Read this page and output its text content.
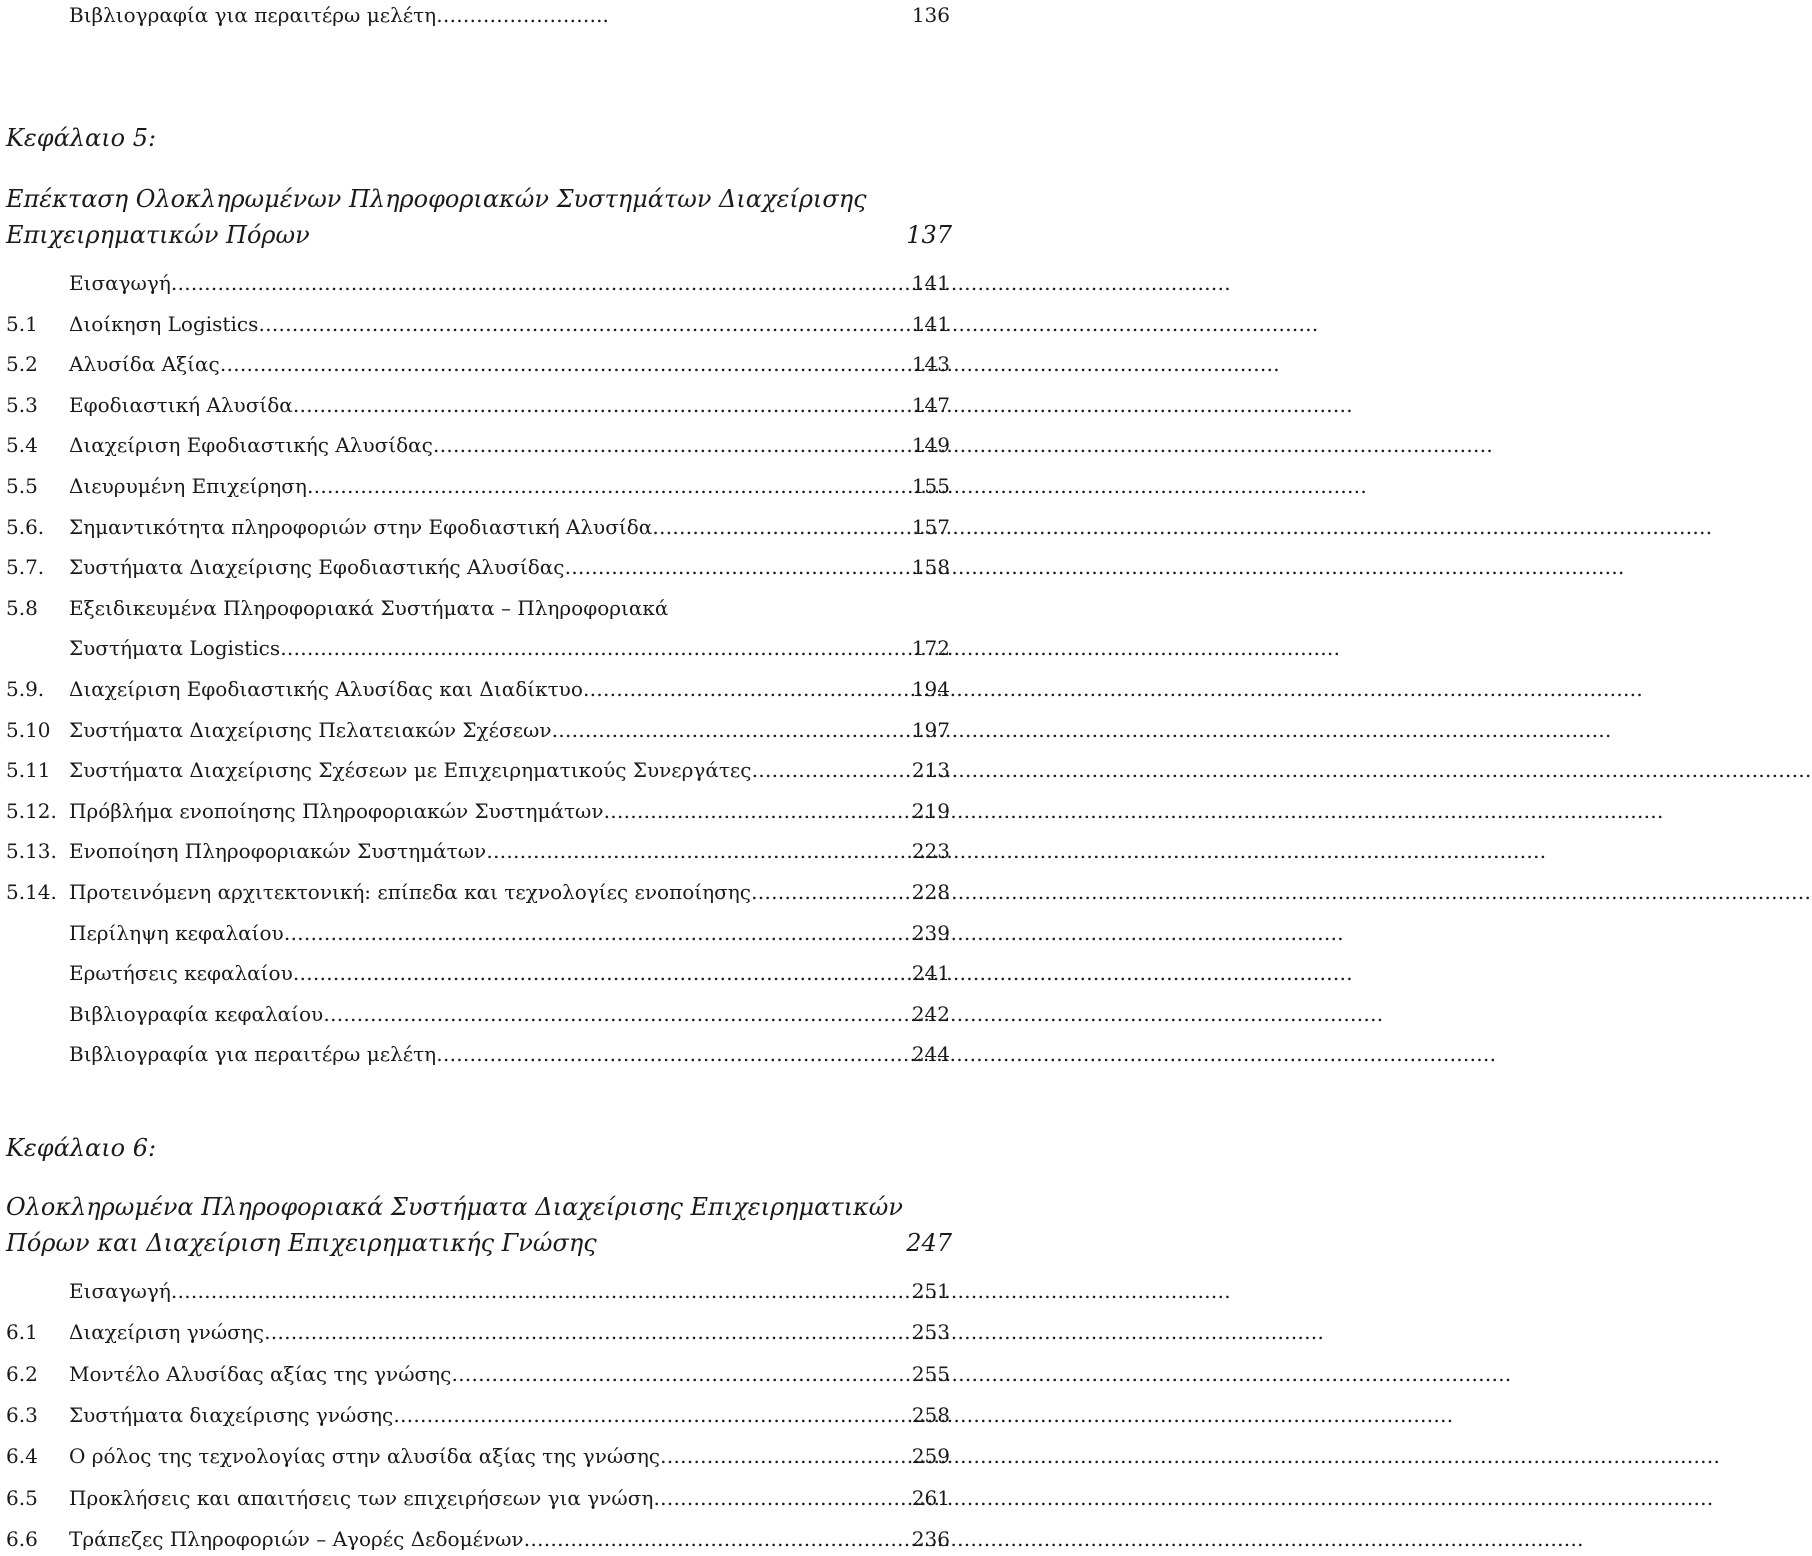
Βιβλιογραφία για περαιτέρω μελέτη……………………..	136
Κεφάλαιο 5:
Επέκταση Ολοκληρωμένων Πληροφοριακών Συστημάτων Διαχείρισης
Επιχειρηματικών Πόρων	137
Εισαγωγή ……………………………………………………………………………………………………………………………………………	141
5.1 Διοίκηση Logistics ……………………………………………………………………………………………………………………………………………	141
5.2 Αλυσίδα Αξίας ……………………………………………………………………………………………………………………………………………	143
5.3 Εφοδιαστική Αλυσίδα ……………………………………………………………………………………………………………………………………………	147
5.4 Διαχείριση Εφοδιαστικής Αλυσίδας ……………………………………………………………………………………………………………………………………………	149
5.5 Διευρυμένη Επιχείρηση ……………………………………………………………………………………………………………………………………………	155
5.6. Σημαντικότητα πληροφοριών στην Εφοδιαστική Αλυσίδα ……………………………………………………………………………………………………………………………………………	157
5.7. Συστήματα Διαχείρισης Εφοδιαστικής Αλυσίδας ……………………………………………………………………………………………………………………………………………	158
5.8 Εξειδικευμένα Πληροφοριακά Συστήματα – Πληροφοριακά
Συστήματα Logistics ……………………………………………………………………………………………………………………………………………	172
5.9. Διαχείριση Εφοδιαστικής Αλυσίδας και Διαδίκτυο ……………………………………………………………………………………………………………………………………………	194
5.10 Συστήματα Διαχείρισης Πελατειακών Σχέσεων ……………………………………………………………………………………………………………………………………………	197
5.11 Συστήματα Διαχείρισης Σχέσεων με Επιχειρηματικούς Συνεργάτες ……………………………………………………………………………………………………………………………………………	213
5.12. Πρόβλήμα ενοποίησης Πληροφοριακών Συστημάτων ……………………………………………………………………………………………………………………………………………	219
5.13. Ενοποίηση Πληροφοριακών Συστημάτων ……………………………………………………………………………………………………………………………………………	223
5.14. Προτεινόμενη αρχιτεκτονική: επίπεδα και τεχνολογίες ενοποίησης ……………………………………………………………………………………………………………………………………………	228
Περίληψη κεφαλαίου ……………………………………………………………………………………………………………………………………………	239
Ερωτήσεις κεφαλαίου ……………………………………………………………………………………………………………………………………………	241
Βιβλιογραφία κεφαλαίου ……………………………………………………………………………………………………………………………………………	242
Βιβλιογραφία για περαιτέρω μελέτη ……………………………………………………………………………………………………………………………………………	244
Κεφάλαιο 6:
Ολοκληρωμένα Πληροφοριακά Συστήματα Διαχείρισης Επιχειρηματικών
Πόρων και Διαχείριση Επιχειρηματικής Γνώσης	247
Εισαγωγή ……………………………………………………………………………………………………………………………………………	251
6.1 Διαχείριση γνώσης ……………………………………………………………………………………………………………………………………………	253
6.2 Μοντέλο Αλυσίδας αξίας της γνώσης ……………………………………………………………………………………………………………………………………………	255
6.3 Συστήματα διαχείρισης γνώσης ……………………………………………………………………………………………………………………………………………	258
6.4 Ο ρόλος της τεχνολογίας στην αλυσίδα αξίας της γνώσης ……………………………………………………………………………………………………………………………………………	259
6.5 Προκλήσεις και απαιτήσεις των επιχειρήσεων για γνώση ……………………………………………………………………………………………………………………………………………	261
6.6 Τράπεζες Πληροφοριών – Αγορές Δεδομένων ……………………………………………………………………………………………………………………………………………	236
